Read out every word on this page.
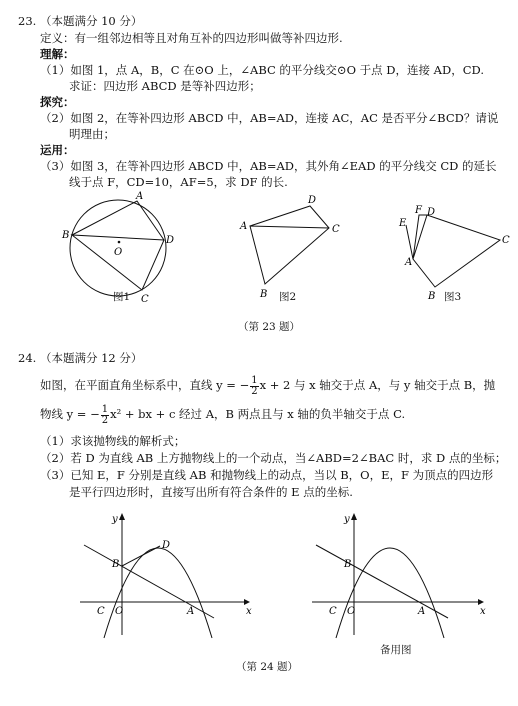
23. （本题满分 10 分）
定义：有一组邻边相等且对角互补的四边形叫做等补四边形.
理解：
（1）如图 1，点 A，B，C 在⊙O 上，∠ABC 的平分线交⊙O 于点 D，连接 AD，CD.
求证：四边形 ABCD 是等补四边形；
探究：
（2）如图 2，在等补四边形 ABCD 中，AB=AD，连接 AC，AC 是否平分∠BCD？请说
明理由；
运用：
（3）如图 3，在等补四边形 ABCD 中，AB=AD，其外角∠EAD 的平分线交 CD 的延长
线于点 F，CD=10，AF=5，求 DF 的长.
A
B
C
D
O
图1
A
D
C
B 图2
E
F D
A
C
B 图3
（第 23 题）
24. （本题满分 12 分）
如图，在平面直角坐标系中，直线 y = − $\frac{1}{2}$ x + 2 与 x 轴交于点 A，与 y 轴交于点 B，抛
物线 y = − $\frac{1}{2} x^2$ + bx + c 经过 A，B 两点且与 x 轴的负半轴交于点 C.
（1）求该抛物线的解析式；
（2）若 D 为直线 AB 上方抛物线上的一个动点，当∠ABD=2∠BAC 时，求 D 点的坐标；
（3）已知 E，F 分别是直线 AB 和抛物线上的动点，当以 B，O，E，F 为顶点的四边形
是平行四边形时，直接写出所有符合条件的 E 点的坐标.
x
y
B
D
C O	A	x
y
B
C O	A
备用图
（第 24 题）
